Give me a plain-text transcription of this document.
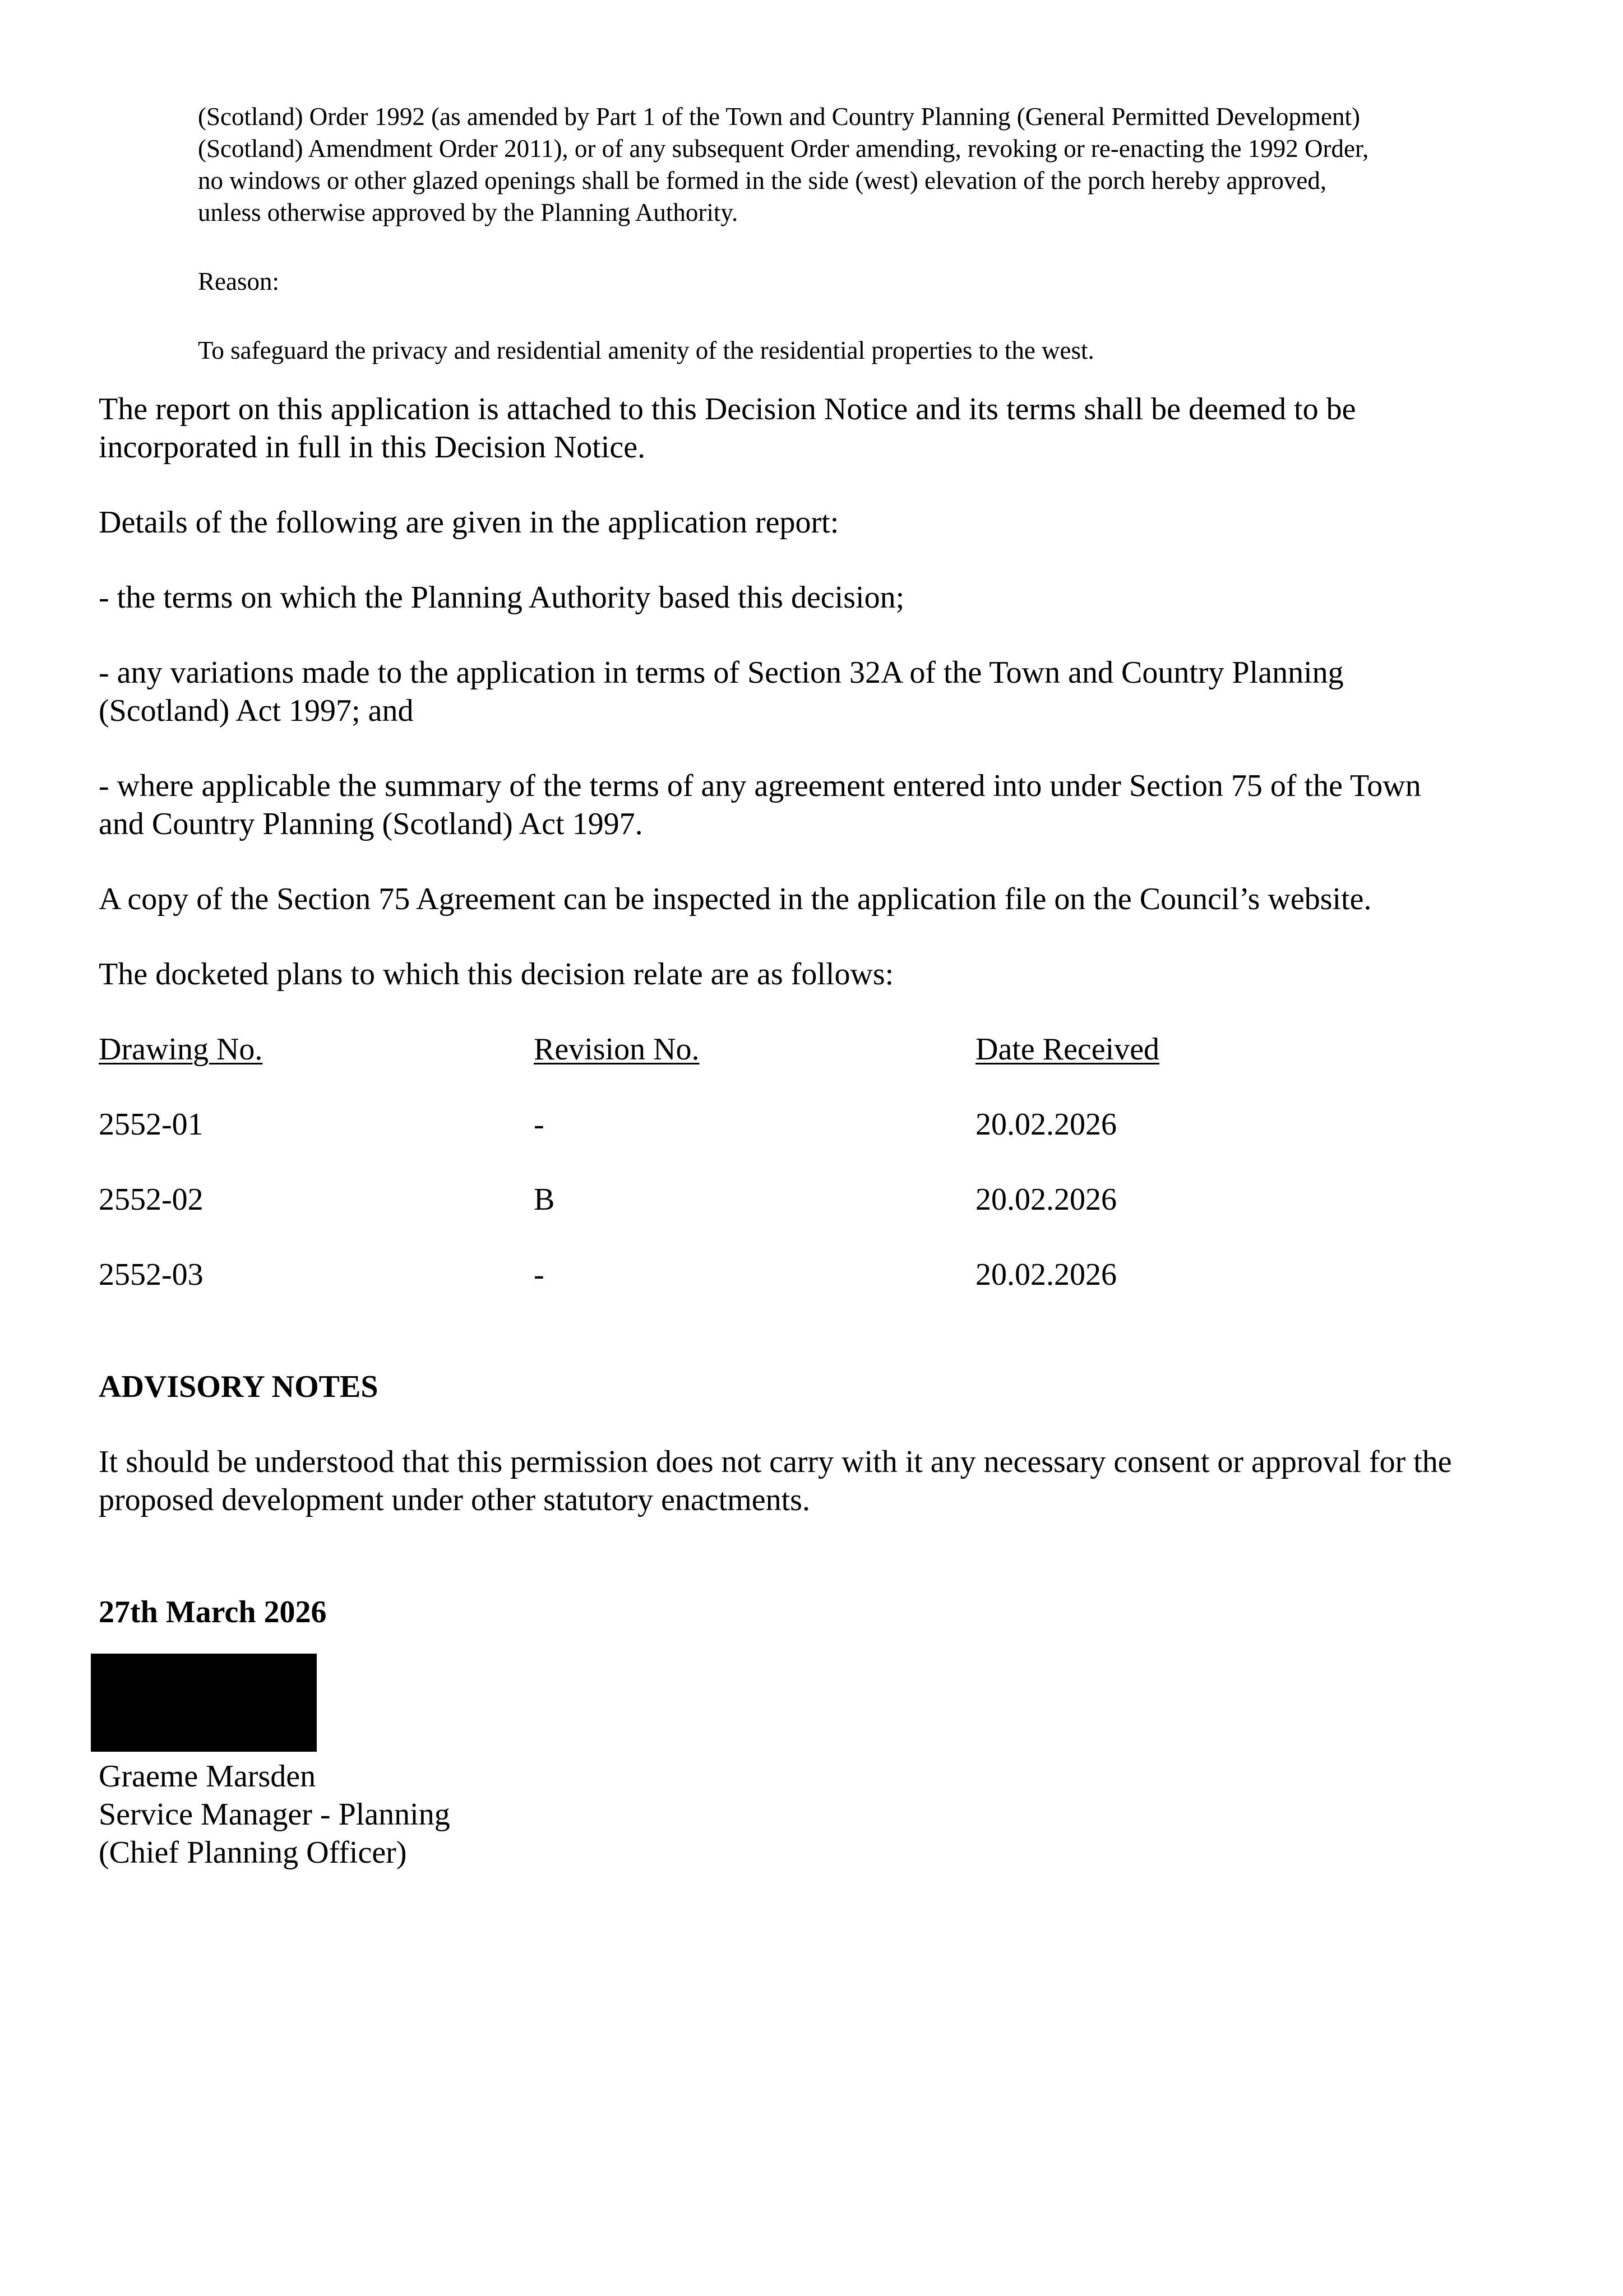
(Scotland) Order 1992 (as amended by Part 1 of the Town and Country Planning (General Permitted Development) (Scotland) Amendment Order 2011), or of any subsequent Order amending, revoking or re-enacting the 1992 Order, no windows or other glazed openings shall be formed in the side (west) elevation of the porch hereby approved, unless otherwise approved by the Planning Authority.

Reason:

To safeguard the privacy and residential amenity of the residential properties to the west.

The report on this application is attached to this Decision Notice and its terms shall be deemed to be incorporated in full in this Decision Notice.

Details of the following are given in the application report:

- the terms on which the Planning Authority based this decision;

- any variations made to the application in terms of Section 32A of the Town and Country Planning (Scotland) Act 1997; and

- where applicable the summary of the terms of any agreement entered into under Section 75 of the Town and Country Planning (Scotland) Act 1997.

A copy of the Section 75 Agreement can be inspected in the application file on the Council’s website.

The docketed plans to which this decision relate are as follows:

Drawing No.	Revision No.	Date Received
2552-01	-	20.02.2026
2552-02	B	20.02.2026
2552-03	-	20.02.2026

ADVISORY NOTES

It should be understood that this permission does not carry with it any necessary consent or approval for the proposed development under other statutory enactments.

27th March 2026

Graeme Marsden

Service Manager - Planning

(Chief Planning Officer)
